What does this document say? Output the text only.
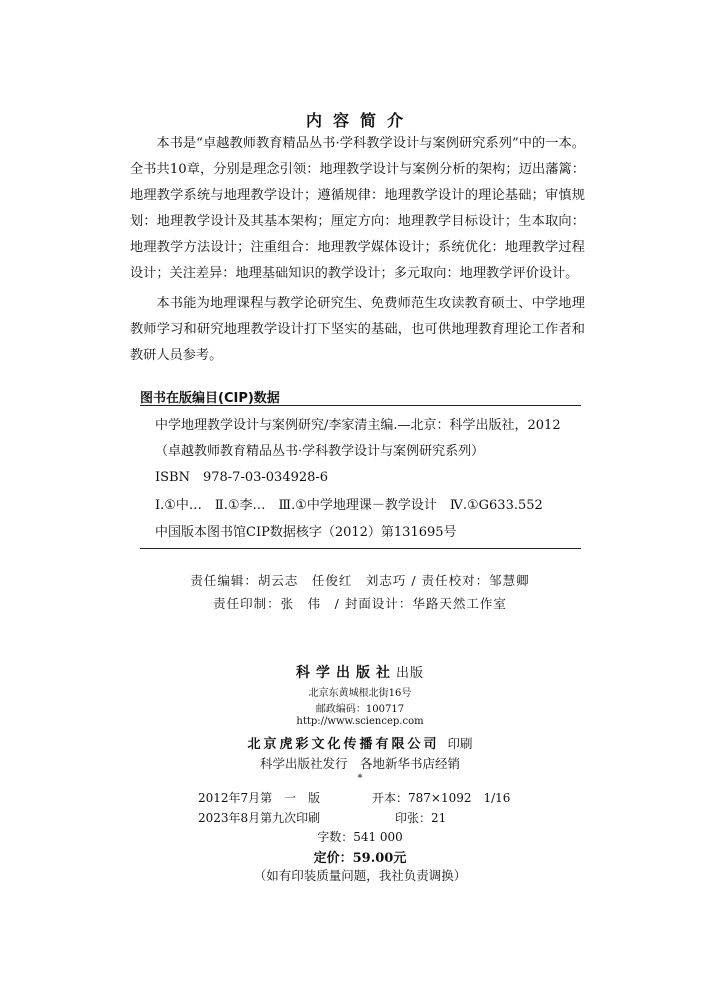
内容简介

本书是“卓越教师教育精品丛书·学科教学设计与案例研究系列”中的一本。全书共10章，分别是理念引领：地理教学设计与案例分析的架构；迈出藩篱：地理教学系统与地理教学设计；遵循规律：地理教学设计的理论基础；审慎规划：地理教学设计及其基本架构；厘定方向：地理教学目标设计；生本取向：地理教学方法设计；注重组合：地理教学媒体设计；系统优化：地理教学过程设计；关注差异：地理基础知识的教学设计；多元取向：地理教学评价设计。

本书能为地理课程与教学论研究生、免费师范生攻读教育硕士、中学地理教师学习和研究地理教学设计打下坚实的基础，也可供地理教育理论工作者和教研人员参考。

图书在版编目(CIP)数据
中学地理教学设计与案例研究/李家清主编.—北京：科学出版社，2012
（卓越教师教育精品丛书·学科教学设计与案例研究系列）
ISBN　978-7-03-034928-6
Ⅰ.①中…　Ⅱ.①李…　Ⅲ.①中学地理课－教学设计　Ⅳ.①G633.552
中国版本图书馆CIP数据核字（2012）第131695号
责任编辑：胡云志　任俊红　刘志巧 / 责任校对：邹慧卿
责任印制：张　伟　/ 封面设计：华路天然工作室
科学出版社出版
北京东黄城根北街16号
邮政编码：100717
http://www.sciencep.com
北京虎彩文化传播有限公司 印刷
科学出版社发行　各地新华书店经销
*
2012年7月第　一　版	开本：787×1092　1/16
2023年8月第九次印刷	印张：21
字数：541 000
定价：59.00元
（如有印装质量问题，我社负责调换）
